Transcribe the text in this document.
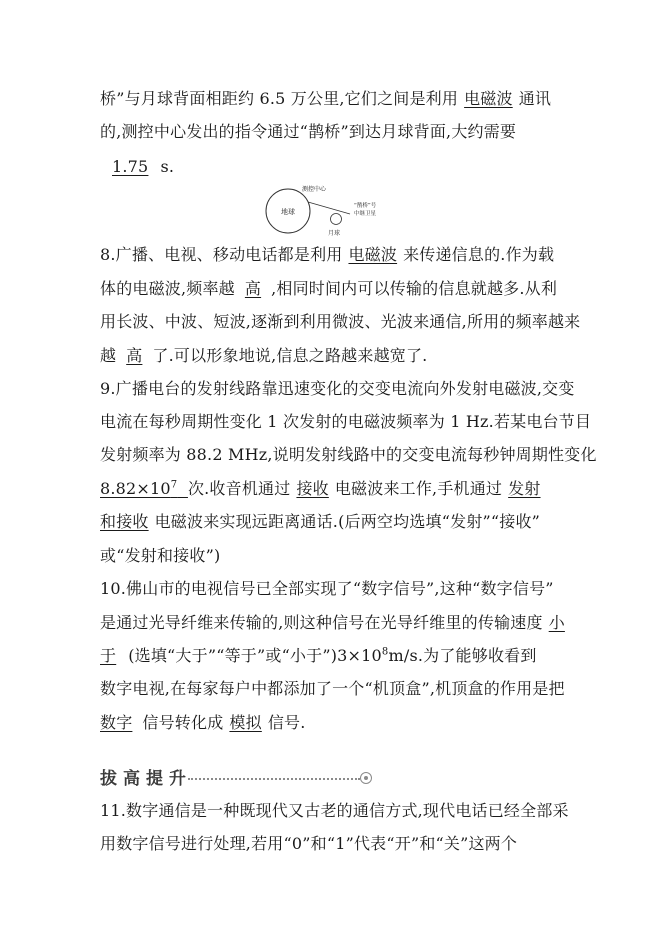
桥”与月球背面相距约 6.5 万公里,它们之间是利用 电磁波 通讯
的,测控中心发出的指令通过“鹊桥”到达月球背面,大约需要
1.75 s.
地球
测控中心
“鹊桥”号
中继卫星
月球
8.广播、电视、移动电话都是利用 电磁波 来传递信息的.作为载
体的电磁波,频率越 高 ,相同时间内可以传输的信息就越多.从利
用长波、中波、短波,逐渐到利用微波、光波来通信,所用的频率越来
越 高 了.可以形象地说,信息之路越来越宽了.
9.广播电台的发射线路靠迅速变化的交变电流向外发射电磁波,交变
电流在每秒周期性变化 1 次发射的电磁波频率为 1 Hz.若某电台节目
发射频率为 88.2 MHz,说明发射线路中的交变电流每秒钟周期性变化
$8.82\times 10^7$ 次.收音机通过 接收 电磁波来工作,手机通过 发射
和接收 电磁波来实现远距离通话.(后两空均选填“发射”“接收”
或“发射和接收”)
10.佛山市的电视信号已全部实现了“数字信号”,这种“数字信号”
是通过光导纤维来传输的,则这种信号在光导纤维里的传输速度 小
于 (选填“大于”“等于”或“小于$”)3\times 10^8m/s$.为了能够收看到
数字电视,在每家每户中都添加了一个“机顶盒”,机顶盒的作用是把
数字 信号转化成 模拟 信号.
拔高提升
11.数字通信是一种既现代又古老的通信方式,现代电话已经全部采
用数字信号进行处理,若用“0”和“1”代表“开”和“关”这两个
